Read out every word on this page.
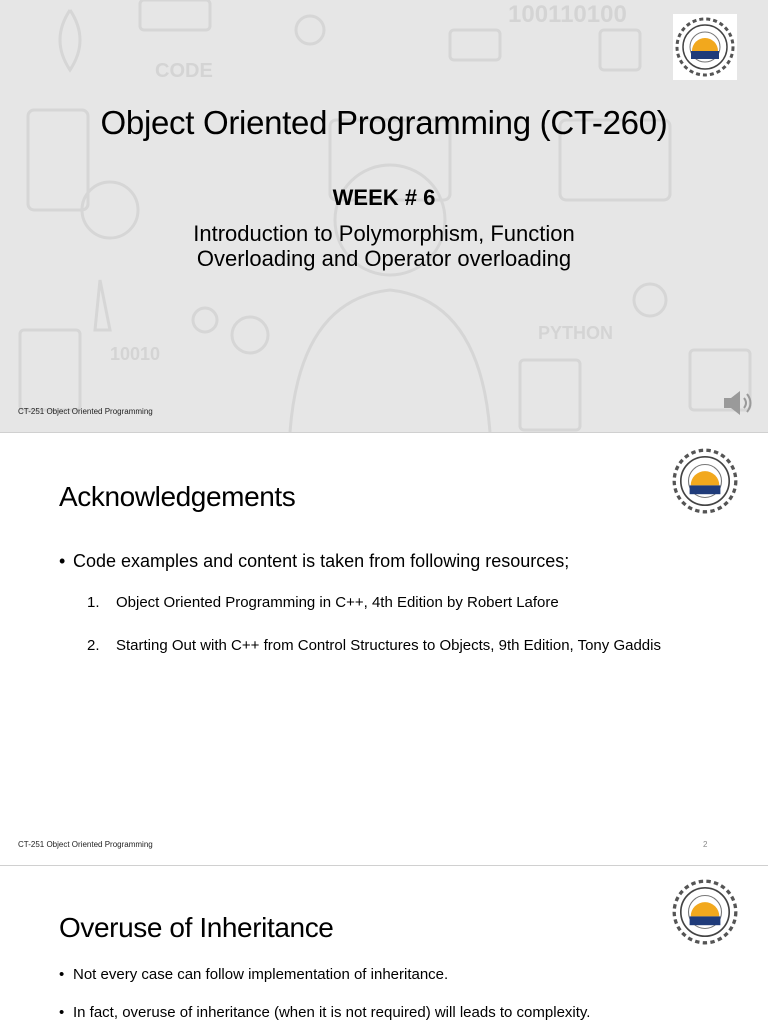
CODE
100110100
10010
PYTHON
Object Oriented Programming (CT-260)
WEEK # 6
Introduction to Polymorphism, Function
Overloading and Operator overloading
CT-251 Object Oriented Programming
Acknowledgements
• Code examples and content is taken from following resources;
1.	Object Oriented Programming in C++, 4th Edition by Robert Lafore
2.	Starting Out with C++ from Control Structures to Objects, 9th Edition, Tony Gaddis
CT-251 Object Oriented Programming	2
Overuse of Inheritance
• Not every case can follow implementation of inheritance.
• In fact, overuse of inheritance (when it is not required) will leads to complexity.
